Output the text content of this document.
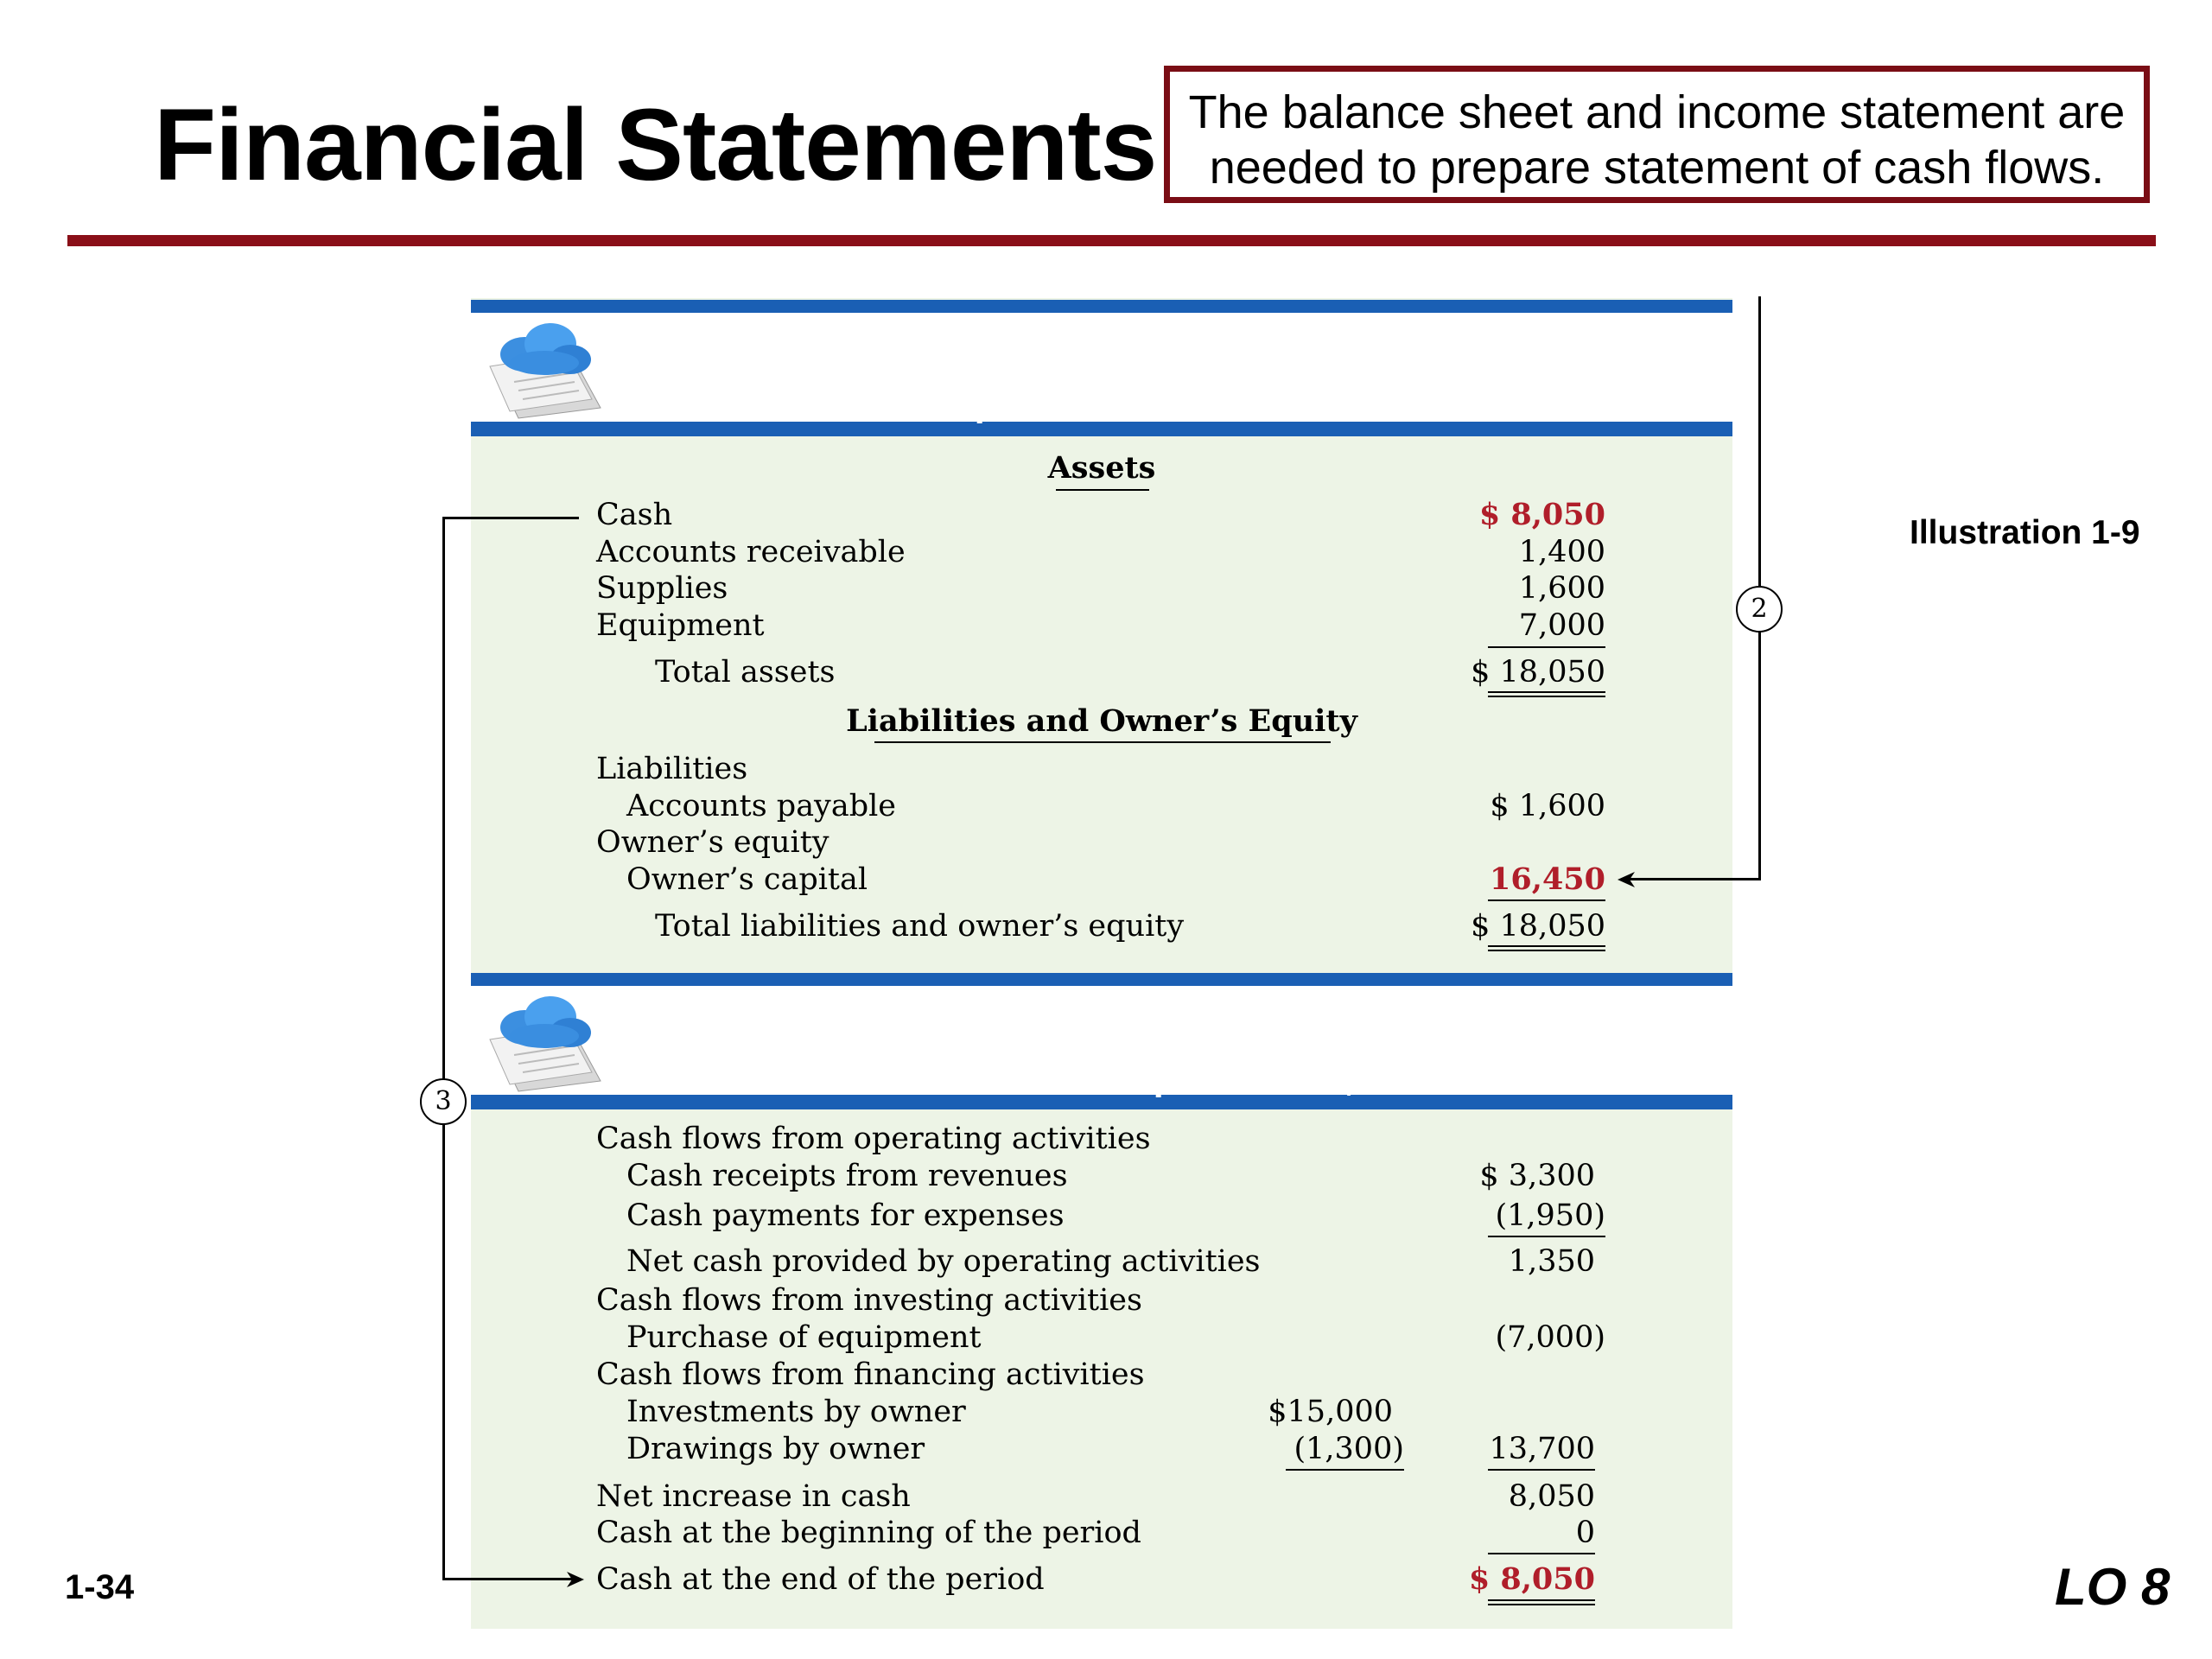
Financial Statements The balance sheet and income statement are
needed to prepare statement of cash flows.
Illustration 1-9
SOFTBYTE
Balance Sheet
September 30, 2014
Assets
Cash	$ 8,050
Accounts receivable	1,400
Supplies	1,600
Equipment	7,000
Total assets	$ 18,050
Liabilities and Owner’s Equity
Liabilities
Accounts payable	$ 1,600
Owner’s equity
Owner’s capital	16,450
Total liabilities and owner’s equity	$ 18,050
SOFTBYTE
Statement of Cash Flows
For the Month Ended September 30, 2014
Cash flows from operating activities
Cash receipts from revenues	$ 3,300
Cash payments for expenses	(1,950)
Net cash provided by operating activities	1,350
Cash flows from investing activities
Purchase of equipment	(7,000)
Cash flows from financing activities
Investments by owner	$15,000
Drawings by owner	(1,300)	13,700
Net increase in cash	8,050
Cash at the beginning of the period	0
Cash at the end of the period	$ 8,050
2
3
1-34	LO 8
